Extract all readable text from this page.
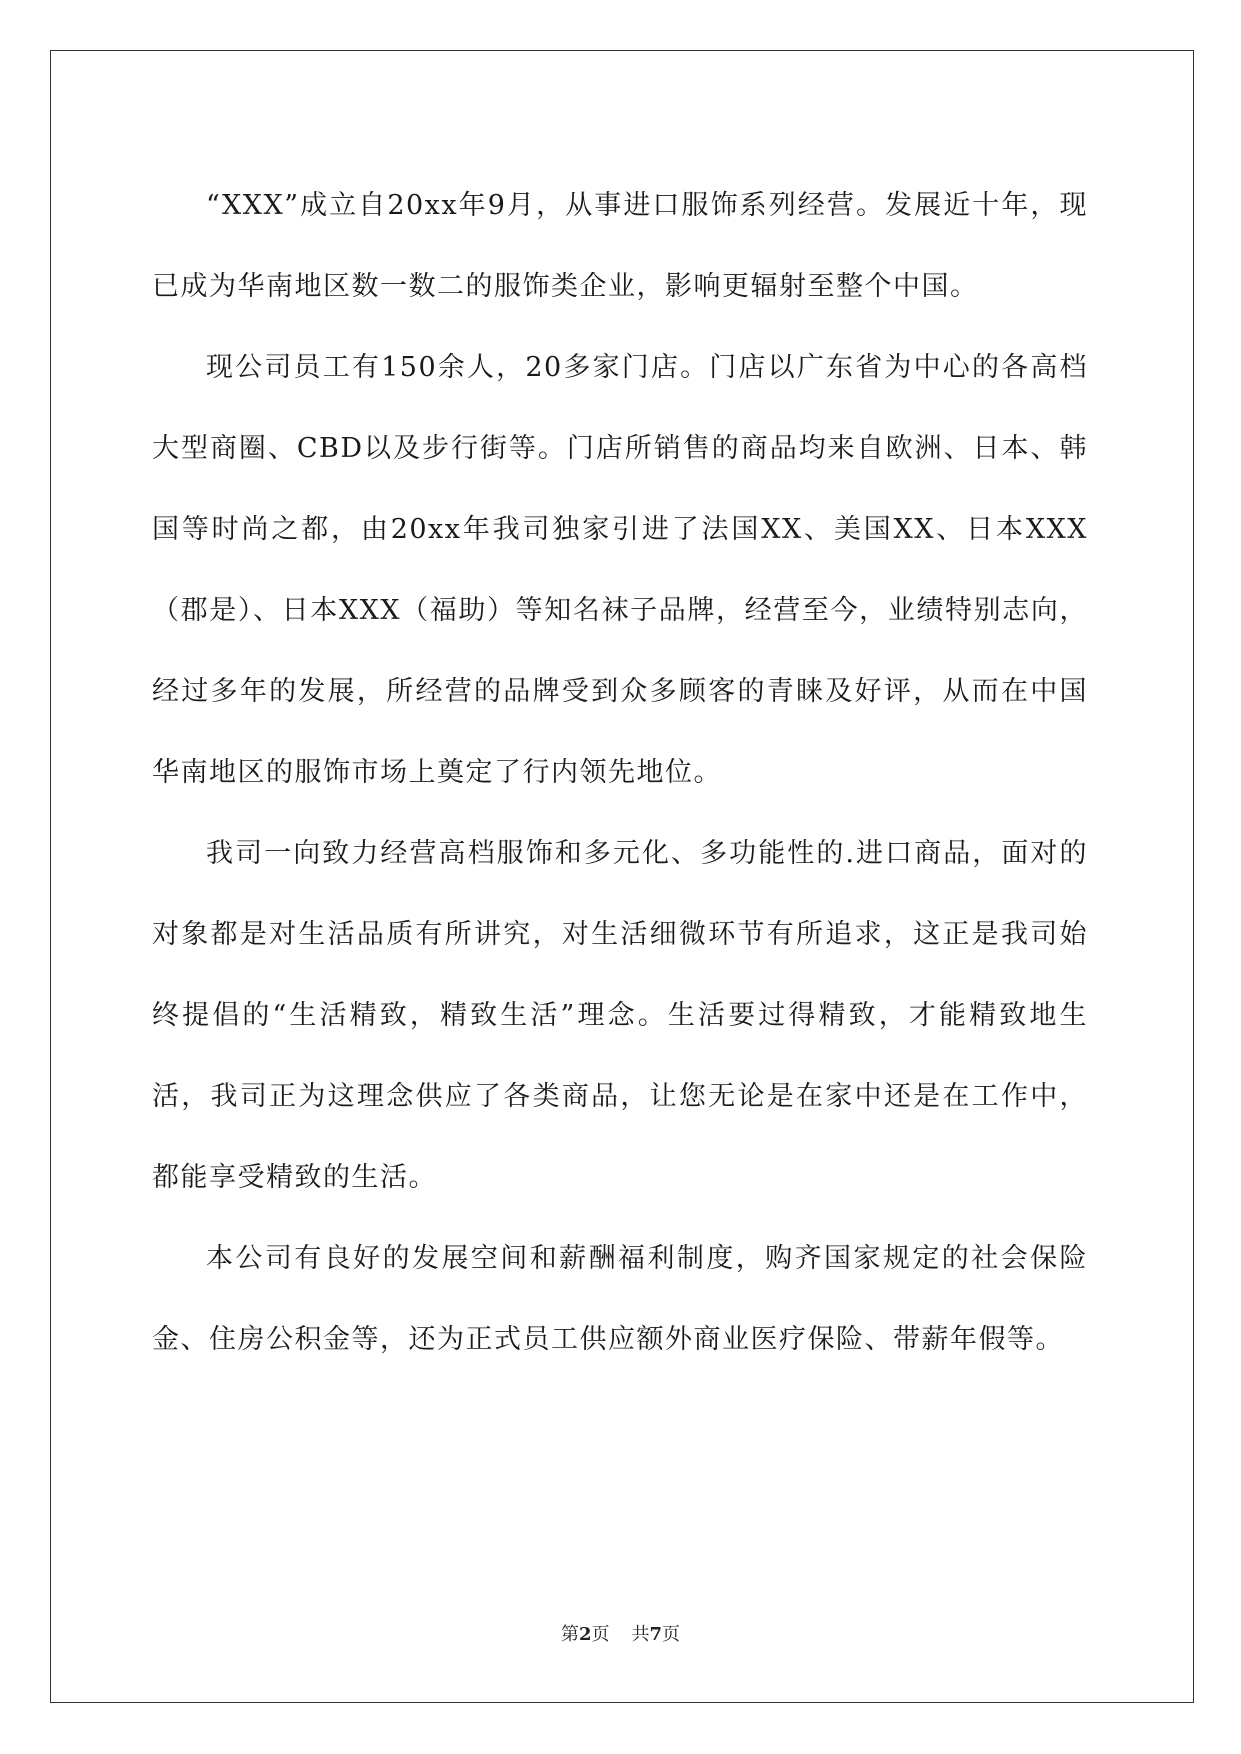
“XXX”成立自20xx年9月，从事进口服饰系列经营。发展近十年，现已成为华南地区数一数二的服饰类企业，影响更辐射至整个中国。

现公司员工有150余人，20多家门店。门店以广东省为中心的各高档大型商圈、CBD以及步行街等。门店所销售的商品均来自欧洲、日本、韩国等时尚之都，由20xx年我司独家引进了法国XX、美国XX、日本XXX（郡是）、日本XXX（福助）等知名袜子品牌，经营至今，业绩特别志向，经过多年的发展，所经营的品牌受到众多顾客的青睐及好评，从而在中国华南地区的服饰市场上奠定了行内领先地位。

我司一向致力经营高档服饰和多元化、多功能性的.进口商品，面对的对象都是对生活品质有所讲究，对生活细微环节有所追求，这正是我司始终提倡的“生活精致，精致生活”理念。生活要过得精致，才能精致地生活，我司正为这理念供应了各类商品，让您无论是在家中还是在工作中，都能享受精致的生活。

本公司有良好的发展空间和薪酬福利制度，购齐国家规定的社会保险金、住房公积金等，还为正式员工供应额外商业医疗保险、带薪年假等。

第2页 共7页
